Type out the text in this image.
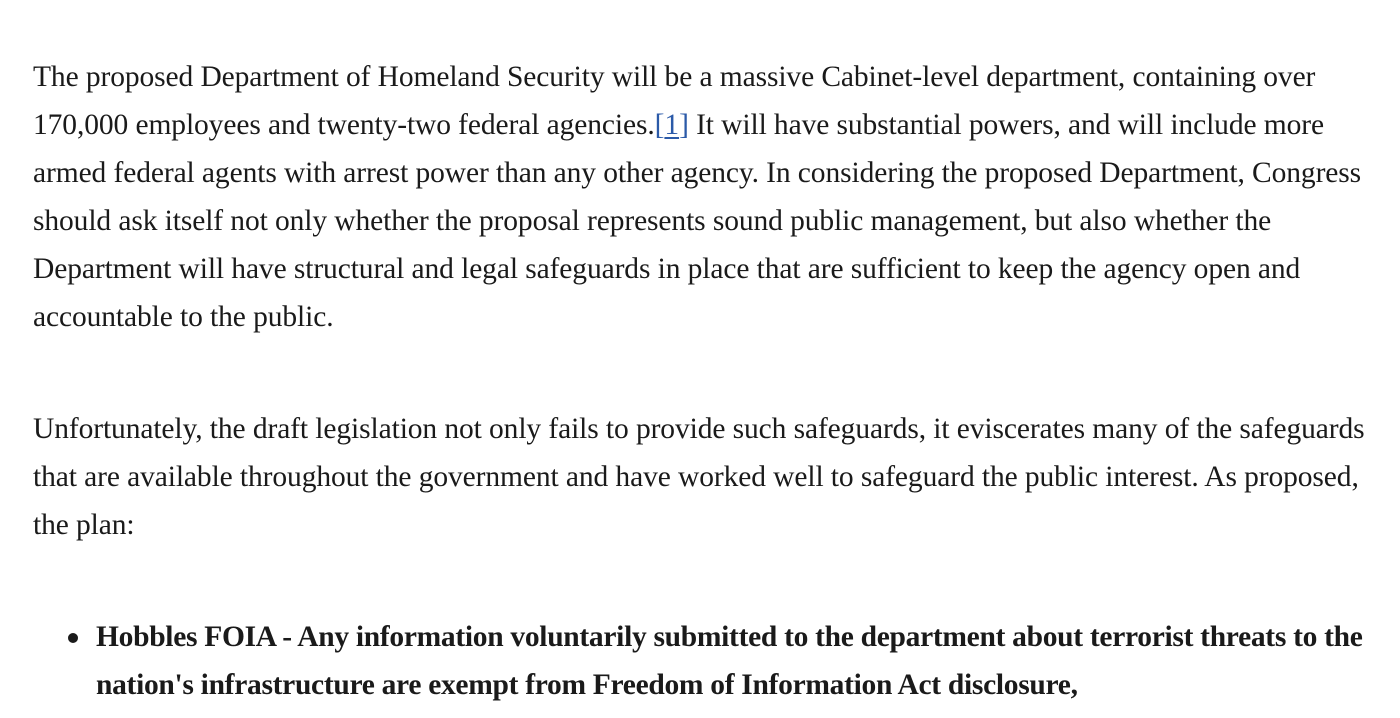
The proposed Department of Homeland Security will be a massive Cabinet-level department, containing over 170,000 employees and twenty-two federal agencies.[1] It will have substantial powers, and will include more armed federal agents with arrest power than any other agency. In considering the proposed Department, Congress should ask itself not only whether the proposal represents sound public management, but also whether the Department will have structural and legal safeguards in place that are sufficient to keep the agency open and accountable to the public.

Unfortunately, the draft legislation not only fails to provide such safeguards, it eviscerates many of the safeguards that are available throughout the government and have worked well to safeguard the public interest. As proposed, the plan:

Hobbles FOIA - Any information voluntarily submitted to the department about terrorist threats to the nation's infrastructure are exempt from Freedom of Information Act disclosure,
